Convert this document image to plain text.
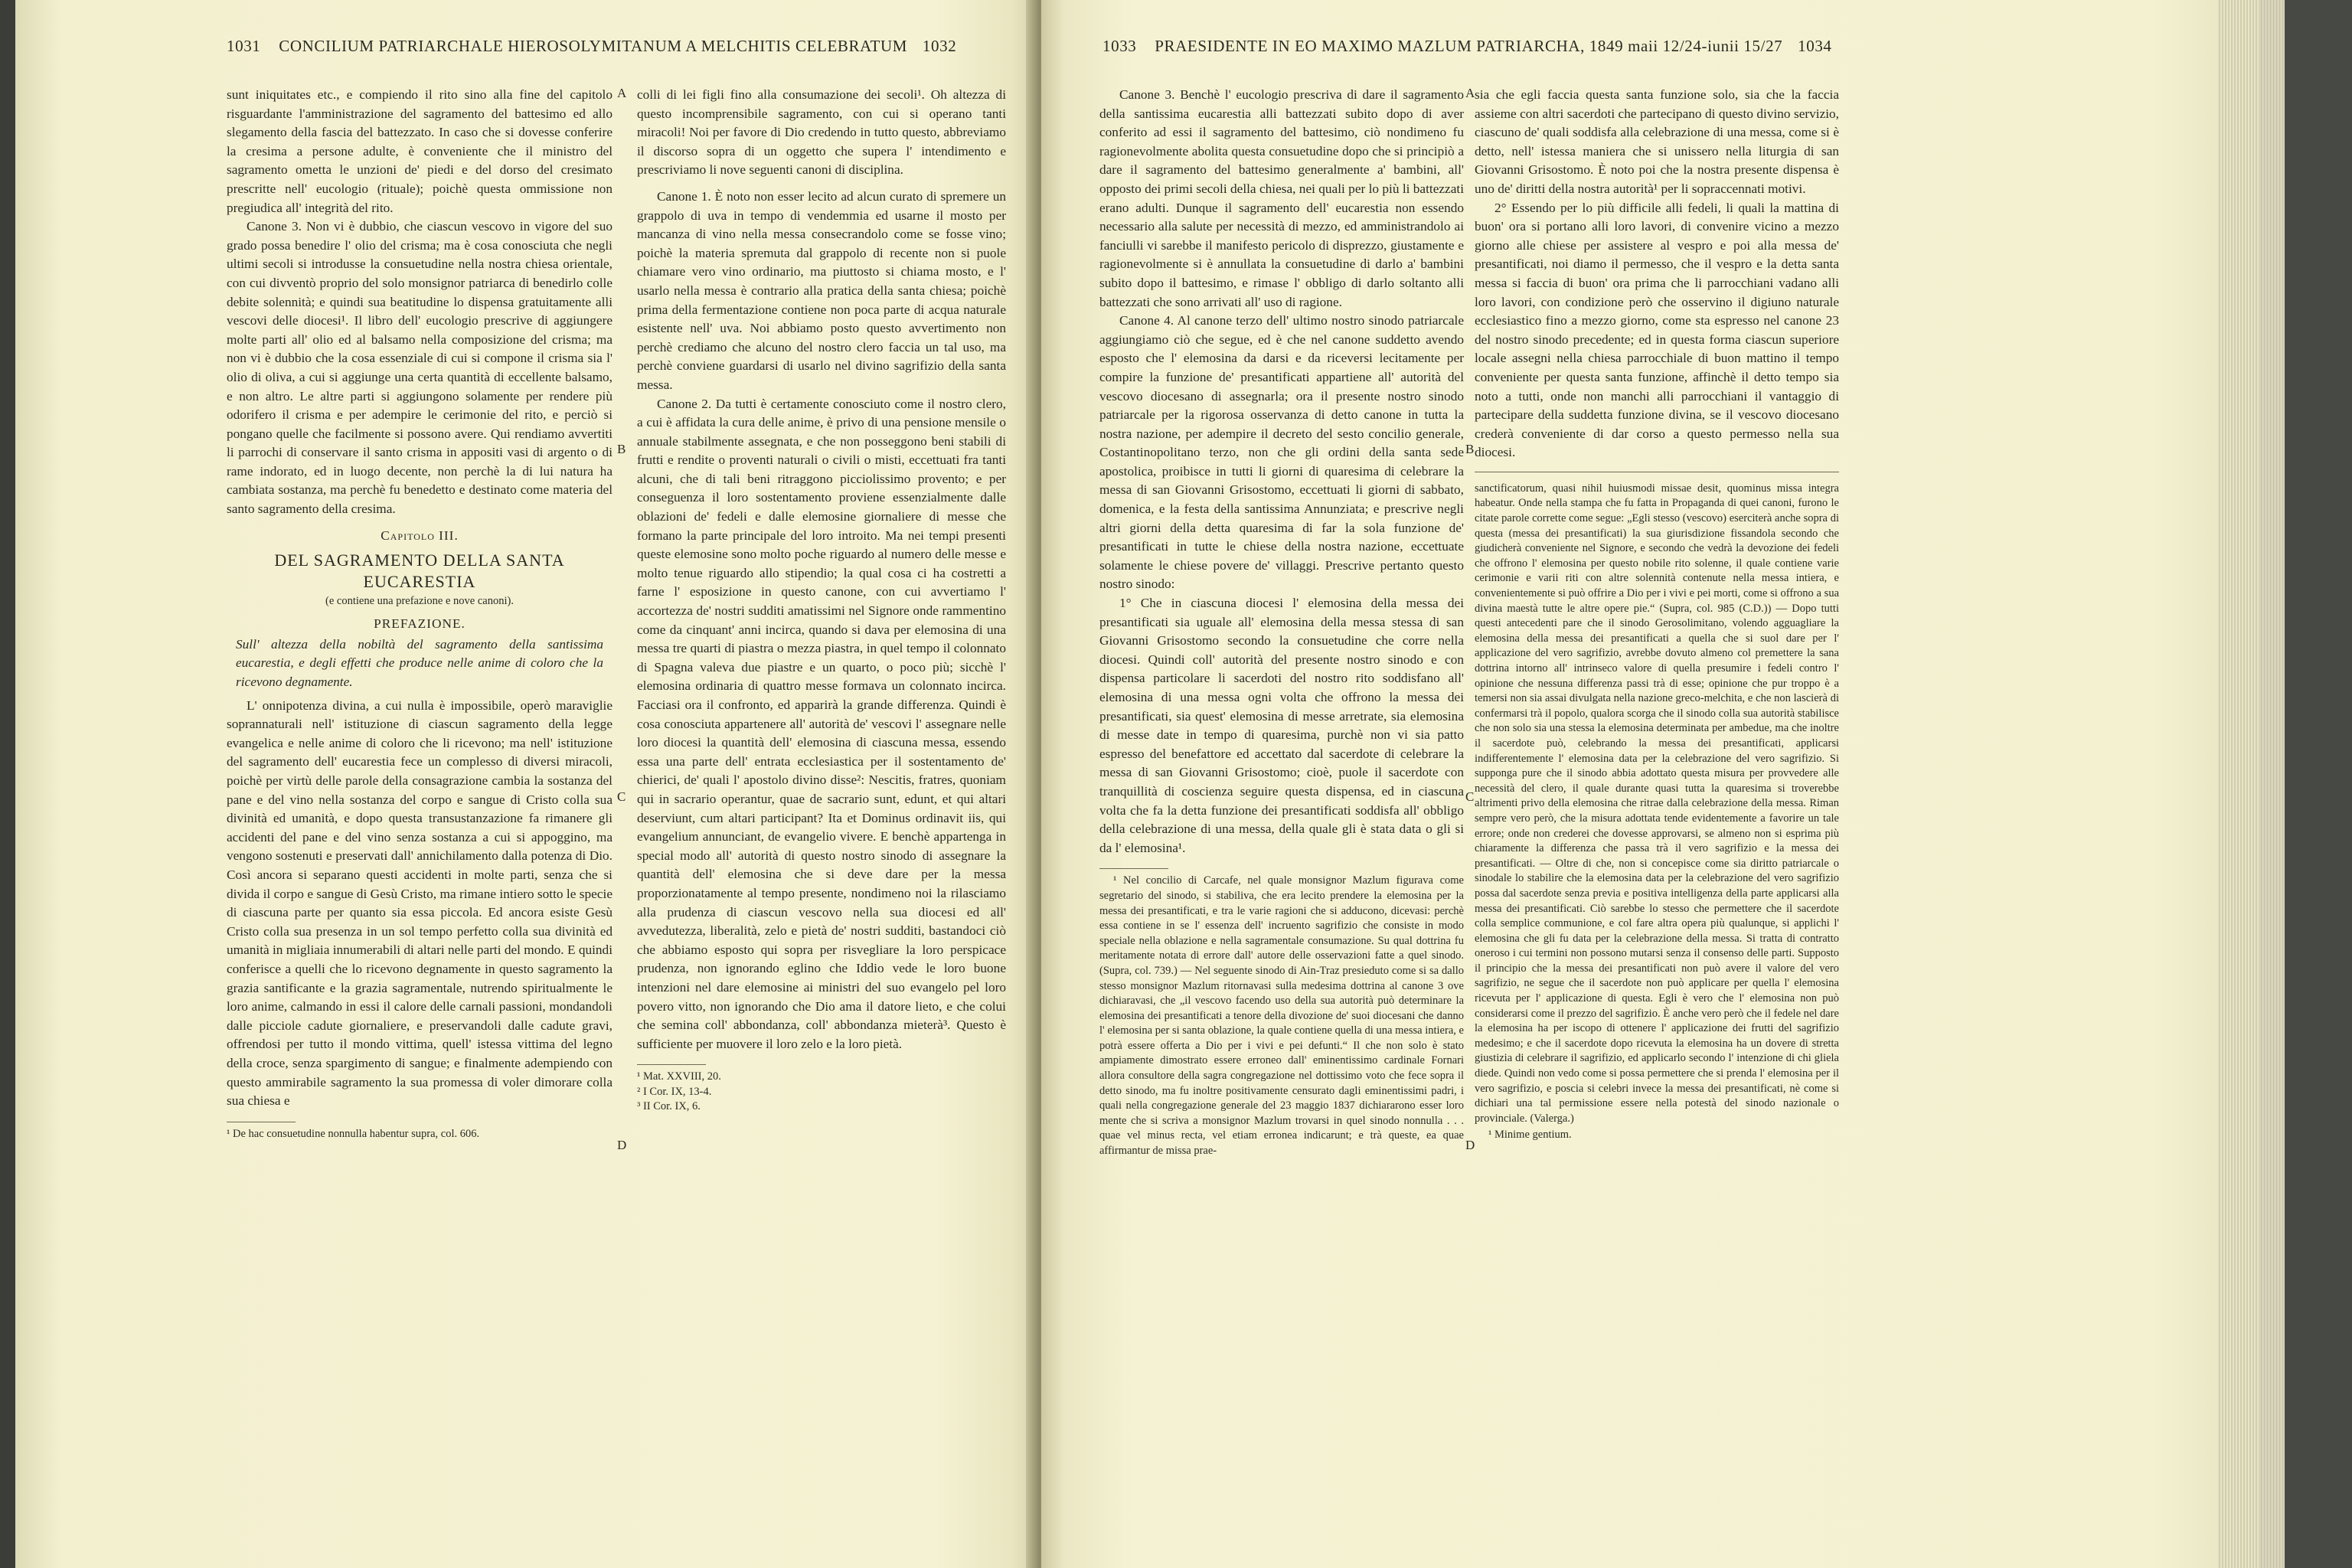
1031 CONCILIUM PATRIARCHALE HIEROSOLYMITANUM A MELCHITIS CELEBRATUM 1032

sunt iniquitates etc., e compiendo il rito sino alla fine del capitolo risguardante l'amministrazione del sagramento del battesimo ed allo slegamento della fascia del battezzato. In caso che si dovesse conferire la cresima a persone adulte, è conveniente che il ministro del sagramento ometta le unzioni de' piedi e del dorso del cresimato prescritte nell' eucologio (rituale); poichè questa ommissione non pregiudica all' integrità del rito.

Canone 3. Non vi è dubbio, che ciascun vescovo in vigore del suo grado possa benedire l' olio del crisma; ma è cosa conosciuta che negli ultimi secoli si introdusse la consuetudine nella nostra chiesa orientale, con cui divventò proprio del solo monsignor patriarca di benedirlo colle debite solennità; e quindi sua beatitudine lo dispensa gratuitamente alli vescovi delle diocesi¹. Il libro dell' eucologio prescrive di aggiungere molte parti all' olio ed al balsamo nella composizione del crisma; ma non vi è dubbio che la cosa essenziale di cui si compone il crisma sia l' olio di oliva, a cui si aggiunge una certa quantità di eccellente balsamo, e non altro. Le altre parti si aggiungono solamente per rendere più odorifero il crisma e per adempire le cerimonie del rito, e perciò si pongano quelle che facilmente si possono avere. Qui rendiamo avvertiti li parrochi di conservare il santo crisma in appositi vasi di argento o di rame indorato, ed in luogo decente, non perchè la di lui natura ha cambiata sostanza, ma perchè fu benedetto e destinato come materia del santo sagramento della cresima.

Capitolo III.
DEL SAGRAMENTO DELLA SANTA EUCARESTIA
(e contiene una prefazione e nove canoni).
PREFAZIONE.
Sull' altezza della nobiltà del sagramento della santissima eucarestia, e degli effetti che produce nelle anime di coloro che la ricevono degnamente.

L' onnipotenza divina, a cui nulla è impossibile, operò maraviglie soprannaturali nell' istituzione di ciascun sagramento della legge evangelica e nelle anime di coloro che li ricevono; ma nell' istituzione del sagramento dell' eucarestia fece un complesso di diversi miracoli, poichè per virtù delle parole della consagrazione cambia la sostanza del pane e del vino nella sostanza del corpo e sangue di Cristo colla sua divinità ed umanità, e dopo questa transustanzazione fa rimanere gli accidenti del pane e del vino senza sostanza a cui si appoggino, ma vengono sostenuti e preservati dall' annichilamento dalla potenza di Dio. Così ancora si separano questi accidenti in molte parti, senza che si divida il corpo e sangue di Gesù Cristo, ma rimane intiero sotto le specie di ciascuna parte per quanto sia essa piccola. Ed ancora esiste Gesù Cristo colla sua presenza in un sol tempo perfetto colla sua divinità ed umanità in migliaia innumerabili di altari nelle parti del mondo. E quindi conferisce a quelli che lo ricevono degnamente in questo sagramento la grazia santificante e la grazia sagramentale, nutrendo spiritualmente le loro anime, calmando in essi il calore delle carnali passioni, mondandoli dalle picciole cadute giornaliere, e preservandoli dalle cadute gravi, offrendosi per tutto il mondo vittima, quell' istessa vittima del legno della croce, senza spargimento di sangue; e finalmente adempiendo con questo ammirabile sagramento la sua promessa di voler dimorare colla sua chiesa e

¹ De hac consuetudine nonnulla habentur supra, col. 606.

colli di lei figli fino alla consumazione dei secoli¹. Oh altezza di questo incomprensibile sagramento, con cui si operano tanti miracoli! Noi per favore di Dio credendo in tutto questo, abbreviamo il discorso sopra di un oggetto che supera l' intendimento e prescriviamo li nove seguenti canoni di disciplina.

Canone 1. È noto non esser lecito ad alcun curato di spremere un grappolo di uva in tempo di vendemmia ed usarne il mosto per mancanza di vino nella messa consecrandolo come se fosse vino; poichè la materia spremuta dal grappolo di recente non si puole chiamare vero vino ordinario, ma piuttosto si chiama mosto, e l' usarlo nella messa è contrario alla pratica della santa chiesa; poichè prima della fermentazione contiene non poca parte di acqua naturale esistente nell' uva. Noi abbiamo posto questo avvertimento non perchè crediamo che alcuno del nostro clero faccia un tal uso, ma perchè conviene guardarsi di usarlo nel divino sagrifizio della santa messa.

Canone 2. Da tutti è certamente conosciuto come il nostro clero, a cui è affidata la cura delle anime, è privo di una pensione mensile o annuale stabilmente assegnata, e che non posseggono beni stabili di frutti e rendite o proventi naturali o civili o misti, eccettuati fra tanti alcuni, che di tali beni ritraggono picciolissimo provento; e per conseguenza il loro sostentamento proviene essenzialmente dalle oblazioni de' fedeli e dalle elemosine giornaliere di messe che formano la parte principale del loro introito. Ma nei tempi presenti queste elemosine sono molto poche riguardo al numero delle messe e molto tenue riguardo allo stipendio; la qual cosa ci ha costretti a farne l' esposizione in questo canone, con cui avvertiamo l' accortezza de' nostri sudditi amatissimi nel Signore onde rammentino come da cinquant' anni incirca, quando si dava per elemosina di una messa tre quarti di piastra o mezza piastra, in quel tempo il colonnato di Spagna valeva due piastre e un quarto, o poco più; sicchè l' elemosina ordinaria di quattro messe formava un colonnato incirca. Facciasi ora il confronto, ed apparirà la grande differenza. Quindi è cosa conosciuta appartenere all' autorità de' vescovi l' assegnare nelle loro diocesi la quantità dell' elemosina di ciascuna messa, essendo essa una parte dell' entrata ecclesiastica per il sostentamento de' chierici, de' quali l' apostolo divino disse²: Nescitis, fratres, quoniam qui in sacrario operantur, quae de sacrario sunt, edunt, et qui altari deserviunt, cum altari participant? Ita et Dominus ordinavit iis, qui evangelium annunciant, de evangelio vivere. E benchè appartenga in special modo all' autorità di questo nostro sinodo di assegnare la quantità dell' elemosina che si deve dare per la messa proporzionatamente al tempo presente, nondimeno noi la rilasciamo alla prudenza di ciascun vescovo nella sua diocesi ed all' avvedutezza, liberalità, zelo e pietà de' nostri sudditi, bastandoci ciò che abbiamo esposto qui sopra per risvegliare la loro perspicace prudenza, non ignorando eglino che Iddio vede le loro buone intenzioni nel dare elemosine ai ministri del suo evangelo pel loro povero vitto, non ignorando che Dio ama il datore lieto, e che colui che semina coll' abbondanza, coll' abbondanza mieterà³. Questo è sufficiente per muovere il loro zelo e la loro pietà.

¹ Mat. XXVIII, 20.
² I Cor. IX, 13-4.
³ II Cor. IX, 6.
A
B
C
D
1033 PRAESIDENTE IN EO MAXIMO MAZLUM PATRIARCHA, 1849 maii 12/24-iunii 15/27 1034

Canone 3. Benchè l' eucologio prescriva di dare il sagramento della santissima eucarestia alli battezzati subito dopo di aver conferito ad essi il sagramento del battesimo, ciò nondimeno fu ragionevolmente abolita questa consuetudine dopo che si principiò a dare il sagramento del battesimo generalmente a' bambini, all' opposto dei primi secoli della chiesa, nei quali per lo più li battezzati erano adulti. Dunque il sagramento dell' eucarestia non essendo necessario alla salute per necessità di mezzo, ed amministrandolo ai fanciulli vi sarebbe il manifesto pericolo di disprezzo, giustamente e ragionevolmente si è annullata la consuetudine di darlo a' bambini subito dopo il battesimo, e rimase l' obbligo di darlo soltanto alli battezzati che sono arrivati all' uso di ragione.

Canone 4. Al canone terzo dell' ultimo nostro sinodo patriarcale aggiungiamo ciò che segue, ed è che nel canone suddetto avendo esposto che l' elemosina da darsi e da riceversi lecitamente per compire la funzione de' presantificati appartiene all' autorità del vescovo diocesano di assegnarla; ora il presente nostro sinodo patriarcale per la rigorosa osservanza di detto canone in tutta la nostra nazione, per adempire il decreto del sesto concilio generale, Costantinopolitano terzo, non che gli ordini della santa sede apostolica, proibisce in tutti li giorni di quaresima di celebrare la messa di san Giovanni Grisostomo, eccettuati li giorni di sabbato, domenica, e la festa della santissima Annunziata; e prescrive negli altri giorni della detta quaresima di far la sola funzione de' presantificati in tutte le chiese della nostra nazione, eccettuate solamente le chiese povere de' villaggi. Prescrive pertanto questo nostro sinodo:

1° Che in ciascuna diocesi l' elemosina della messa dei presantificati sia uguale all' elemosina della messa stessa di san Giovanni Grisostomo secondo la consuetudine che corre nella diocesi. Quindi coll' autorità del presente nostro sinodo e con dispensa particolare li sacerdoti del nostro rito soddisfano all' elemosina di una messa ogni volta che offrono la messa dei presantificati, sia quest' elemosina di messe arretrate, sia elemosina di messe date in tempo di quaresima, purchè non vi sia patto espresso del benefattore ed accettato dal sacerdote di celebrare la messa di san Giovanni Grisostomo; cioè, puole il sacerdote con tranquillità di coscienza seguire questa dispensa, ed in ciascuna volta che fa la detta funzione dei presantificati soddisfa all' obbligo della celebrazione di una messa, della quale gli è stata data o gli si da l' elemosina¹.

¹ Nel concilio di Carcafe, nel quale monsignor Mazlum figurava come segretario del sinodo, si stabiliva, che era lecito prendere la elemosina per la messa dei presantificati, e tra le varie ragioni che si adducono, dicevasi: perchè essa contiene in se l' essenza dell' incruento sagrifizio che consiste in modo speciale nella oblazione e nella sagramentale consumazione. Su qual dottrina fu meritamente notata di errore dall' autore delle osservazioni fatte a quel sinodo. (Supra, col. 739.) — Nel seguente sinodo di Ain-Traz presieduto come si sa dallo stesso monsignor Mazlum ritornavasi sulla medesima dottrina al canone 3 ove dichiaravasi, che „il vescovo facendo uso della sua autorità può determinare la elemosina dei presantificati a tenore della divozione de' suoi diocesani che danno l' elemosina per si santa oblazione, la quale contiene quella di una messa intiera, e potrà essere offerta a Dio per i vivi e pei defunti.“ Il che non solo è stato ampiamente dimostrato essere erroneo dall' eminentissimo cardinale Fornari allora consultore della sagra congregazione nel dottissimo voto che fece sopra il detto sinodo, ma fu inoltre positivamente censurato dagli eminentissimi padri, i quali nella congregazione generale del 23 maggio 1837 dichiararono esser loro mente che si scriva a monsignor Mazlum trovarsi in quel sinodo nonnulla . . . quae vel minus recta, vel etiam erronea indicarunt; e trà queste, ea quae affirmantur de missa prae-

sia che egli faccia questa santa funzione solo, sia che la faccia assieme con altri sacerdoti che partecipano di questo divino servizio, ciascuno de' quali soddisfa alla celebrazione di una messa, come si è detto, nell' istessa maniera che si unissero nella liturgia di san Giovanni Grisostomo. È noto poi che la nostra presente dispensa è uno de' diritti della nostra autorità¹ per li sopraccennati motivi.

2° Essendo per lo più difficile alli fedeli, li quali la mattina di buon' ora si portano alli loro lavori, di convenire vicino a mezzo giorno alle chiese per assistere al vespro e poi alla messa de' presantificati, noi diamo il permesso, che il vespro e la detta santa messa si faccia di buon' ora prima che li parrocchiani vadano alli loro lavori, con condizione però che osservino il digiuno naturale ecclesiastico fino a mezzo giorno, come sta espresso nel canone 23 del nostro sinodo precedente; ed in questa forma ciascun superiore locale assegni nella chiesa parrocchiale di buon mattino il tempo conveniente per questa santa funzione, affinchè il detto tempo sia noto a tutti, onde non manchi alli parrocchiani il vantaggio di partecipare della suddetta funzione divina, se il vescovo diocesano crederà conveniente di dar corso a questo permesso nella sua diocesi.

sanctificatorum, quasi nihil huiusmodi missae desit, quominus missa integra habeatur. Onde nella stampa che fu fatta in Propaganda di quei canoni, furono le citate parole corrette come segue: „Egli stesso (vescovo) eserciterà anche sopra di questa (messa dei presantificati) la sua giurisdizione fissandola secondo che giudicherà conveniente nel Signore, e secondo che vedrà la devozione dei fedeli che offrono l' elemosina per questo nobile rito solenne, il quale contiene varie cerimonie e varii riti con altre solennità contenute nella messa intiera, e convenientemente si può offrire a Dio per i vivi e pei morti, come si offrono a sua divina maestà tutte le altre opere pie.“ (Supra, col. 985 (C.D.)) — Dopo tutti questi antecedenti pare che il sinodo Gerosolimitano, volendo agguagliare la elemosina della messa dei presantificati a quella che si suol dare per l' applicazione del vero sagrifizio, avrebbe dovuto almeno col premettere la sana dottrina intorno all' intrinseco valore di quella presumire i fedeli contro l' opinione che nessuna differenza passi trà di esse; opinione che pur troppo è a temersi non sia assai divulgata nella nazione greco-melchita, e che non lascierà di confermarsi trà il popolo, qualora scorga che il sinodo colla sua autorità stabilisce che non solo sia una stessa la elemosina determinata per ambedue, ma che inoltre il sacerdote può, celebrando la messa dei presantificati, applicarsi indifferentemente l' elemosina data per la celebrazione del vero sagrifizio. Si supponga pure che il sinodo abbia adottato questa misura per provvedere alle necessità del clero, il quale durante quasi tutta la quaresima si troverebbe altrimenti privo della elemosina che ritrae dalla celebrazione della messa. Riman sempre vero però, che la misura adottata tende evidentemente a favorire un tale errore; onde non crederei che dovesse approvarsi, se almeno non si esprima più chiaramente la differenza che passa trà il vero sagrifizio e la messa dei presantificati. — Oltre di che, non si concepisce come sia diritto patriarcale o sinodale lo stabilire che la elemosina data per la celebrazione del vero sagrifizio possa dal sacerdote senza previa e positiva intelligenza della parte applicarsi alla messa dei presantificati. Ciò sarebbe lo stesso che permettere che il sacerdote colla semplice communione, e col fare altra opera più qualunque, si applichi l' elemosina che gli fu data per la celebrazione della messa. Si tratta di contratto oneroso i cui termini non possono mutarsi senza il consenso delle parti. Supposto il principio che la messa dei presantificati non può avere il valore del vero sagrifizio, ne segue che il sacerdote non può applicare per quella l' elemosina ricevuta per l' applicazione di questa. Egli è vero che l' elemosina non può considerarsi come il prezzo del sagrifizio. È anche vero però che il fedele nel dare la elemosina ha per iscopo di ottenere l' applicazione dei frutti del sagrifizio medesimo; e che il sacerdote dopo ricevuta la elemosina ha un dovere di stretta giustizia di celebrare il sagrifizio, ed applicarlo secondo l' intenzione di chi gliela diede. Quindi non vedo come si possa permettere che si prenda l' elemosina per il vero sagrifizio, e poscia si celebri invece la messa dei presantificati, nè come si dichiari una tal permissione essere nella potestà del sinodo nazionale o provinciale. (Valerga.)
¹ Minime gentium.
A
B
C
D
